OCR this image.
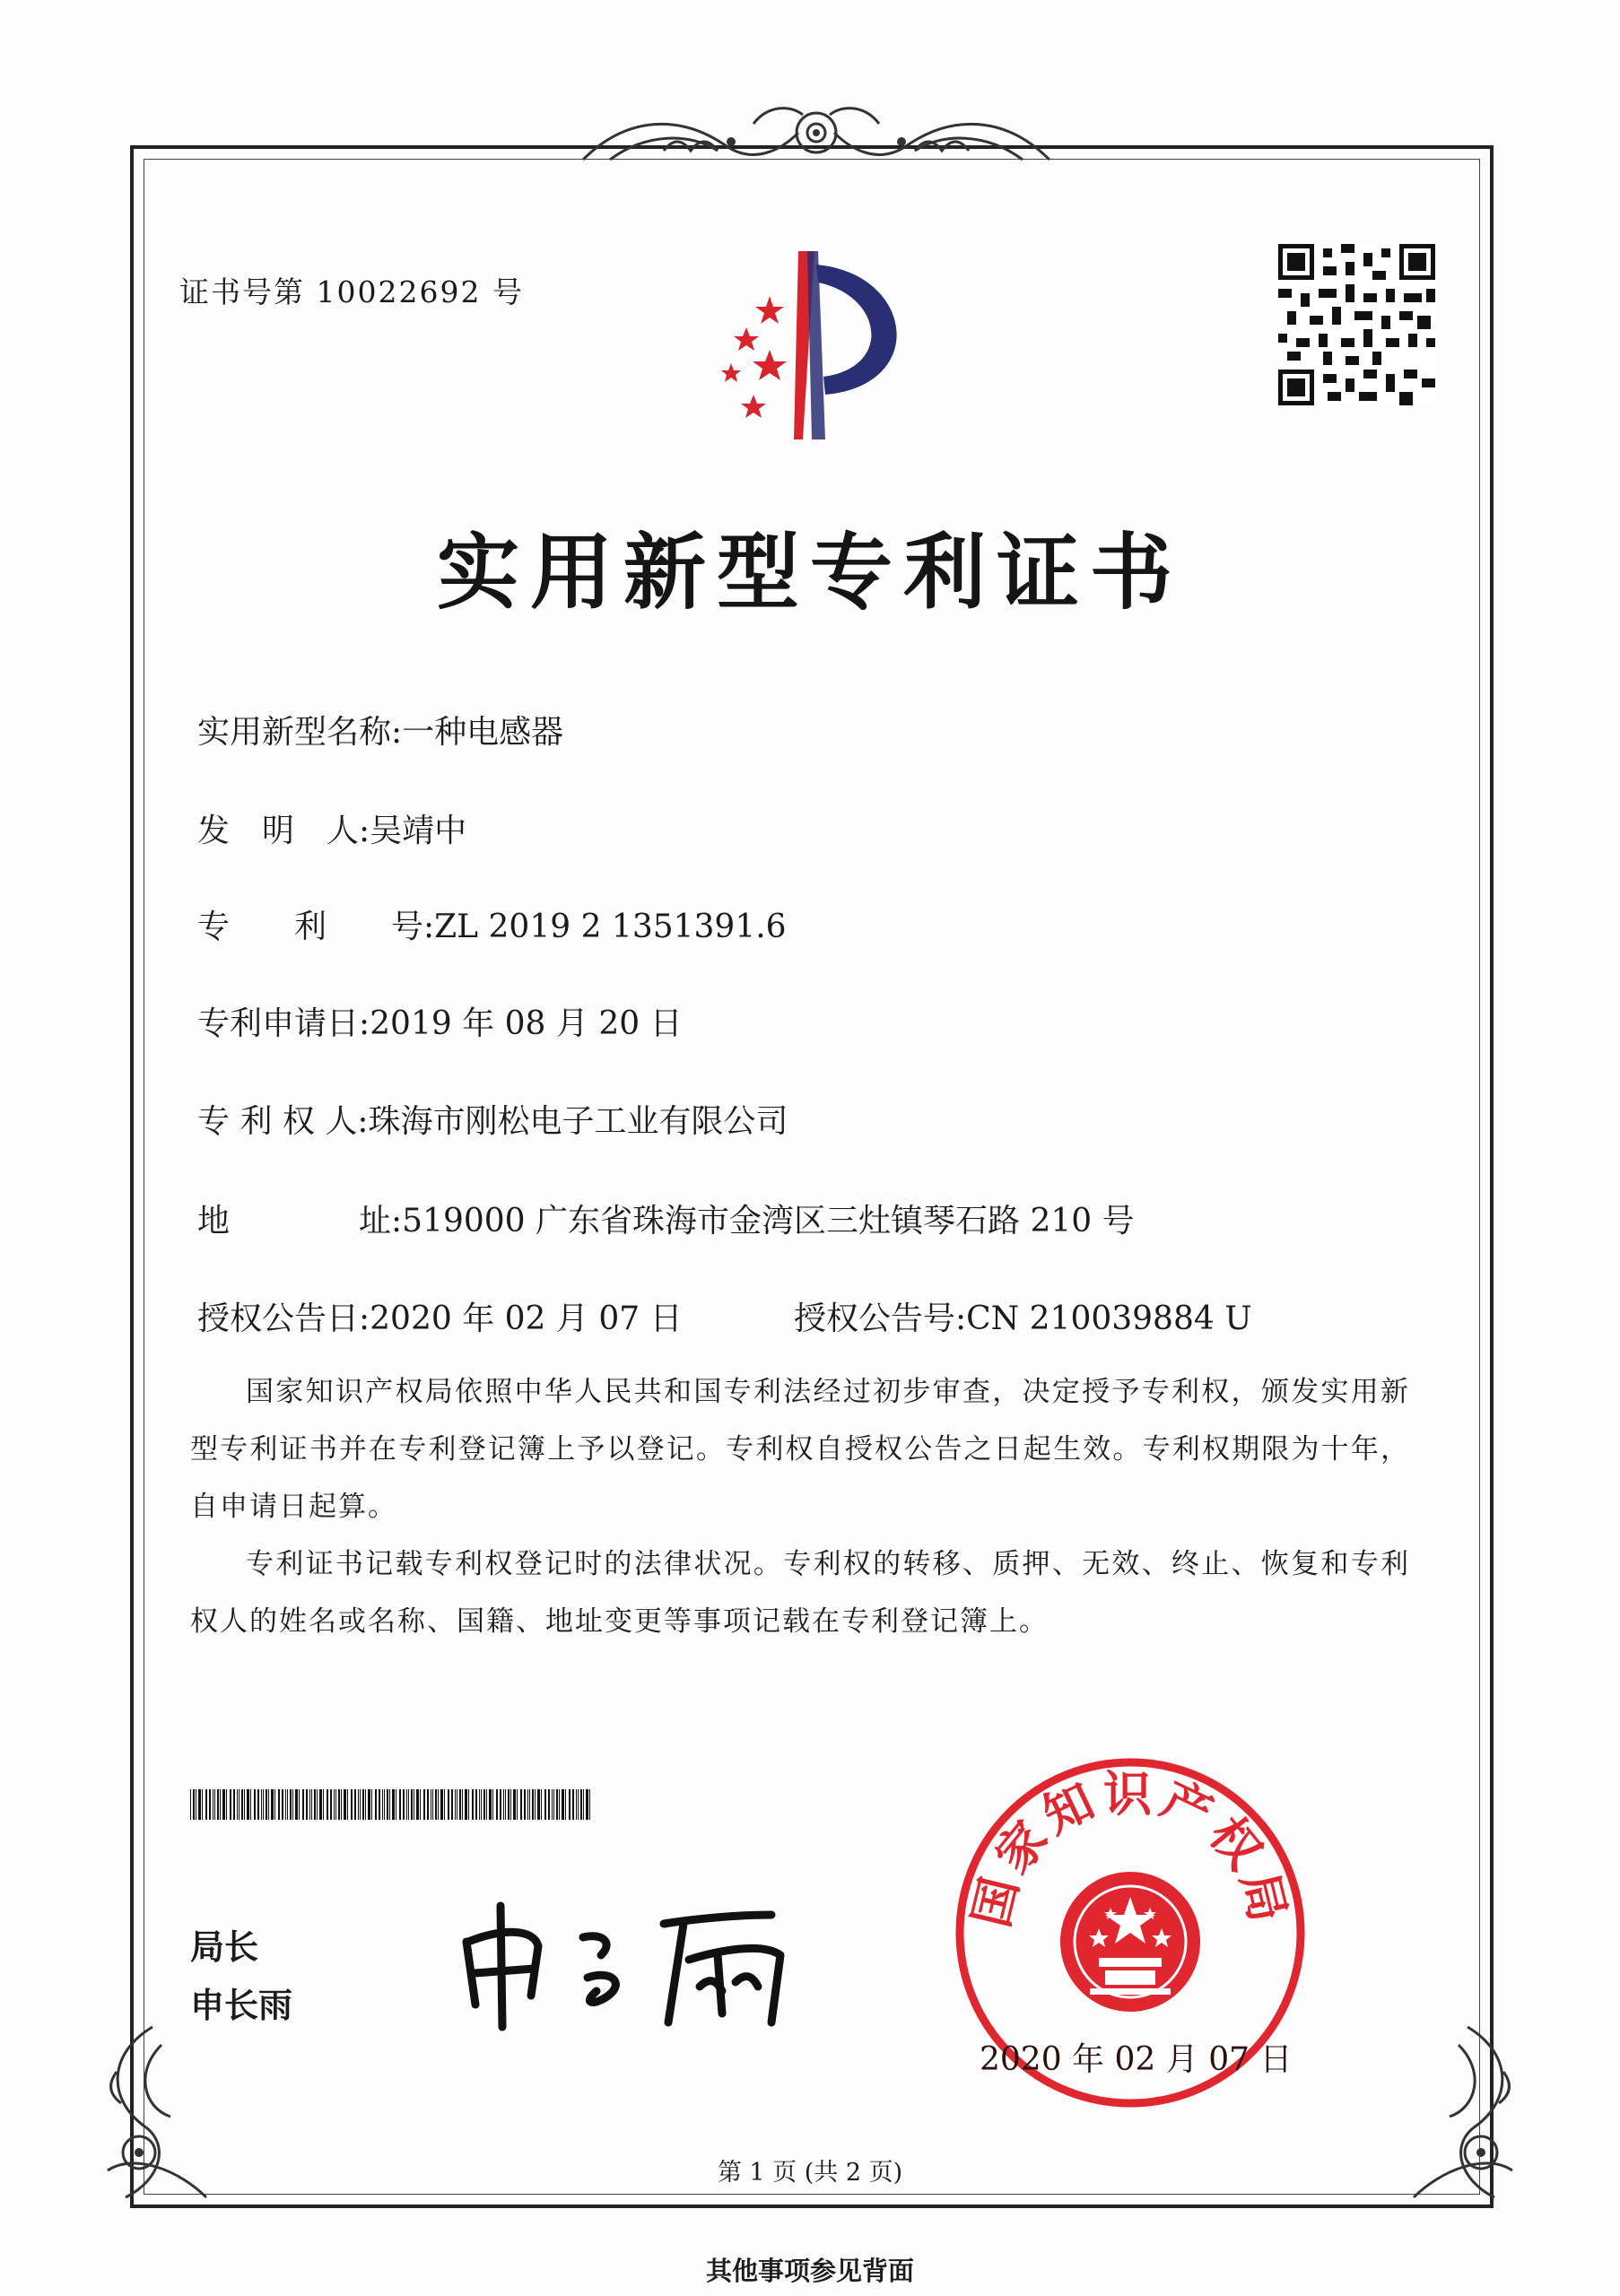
证书号第 10022692 号
实用新型专利证书
实用新型名称:一种电感器
发　明　人:吴靖中
专　　利　　号:ZL 2019 2 1351391.6
专利申请日:2019 年 08 月 20 日
专 利 权 人:珠海市刚松电子工业有限公司
地　　　　址:519000 广东省珠海市金湾区三灶镇琴石路 210 号
授权公告日:2020 年 02 月 07 日	授权公告号:CN 210039884 U

国家知识产权局依照中华人民共和国专利法经过初步审查，决定授予专利权，颁发实用新型专利证书并在专利登记簿上予以登记。专利权自授权公告之日起生效。专利权期限为十年，自申请日起算。

专利证书记载专利权登记时的法律状况。专利权的转移、质押、无效、终止、恢复和专利权人的姓名或名称、国籍、地址变更等事项记载在专利登记簿上。

局长
申长雨
国家知识产权局
2020 年 02 月 07 日
第 1 页 (共 2 页)
其他事项参见背面
